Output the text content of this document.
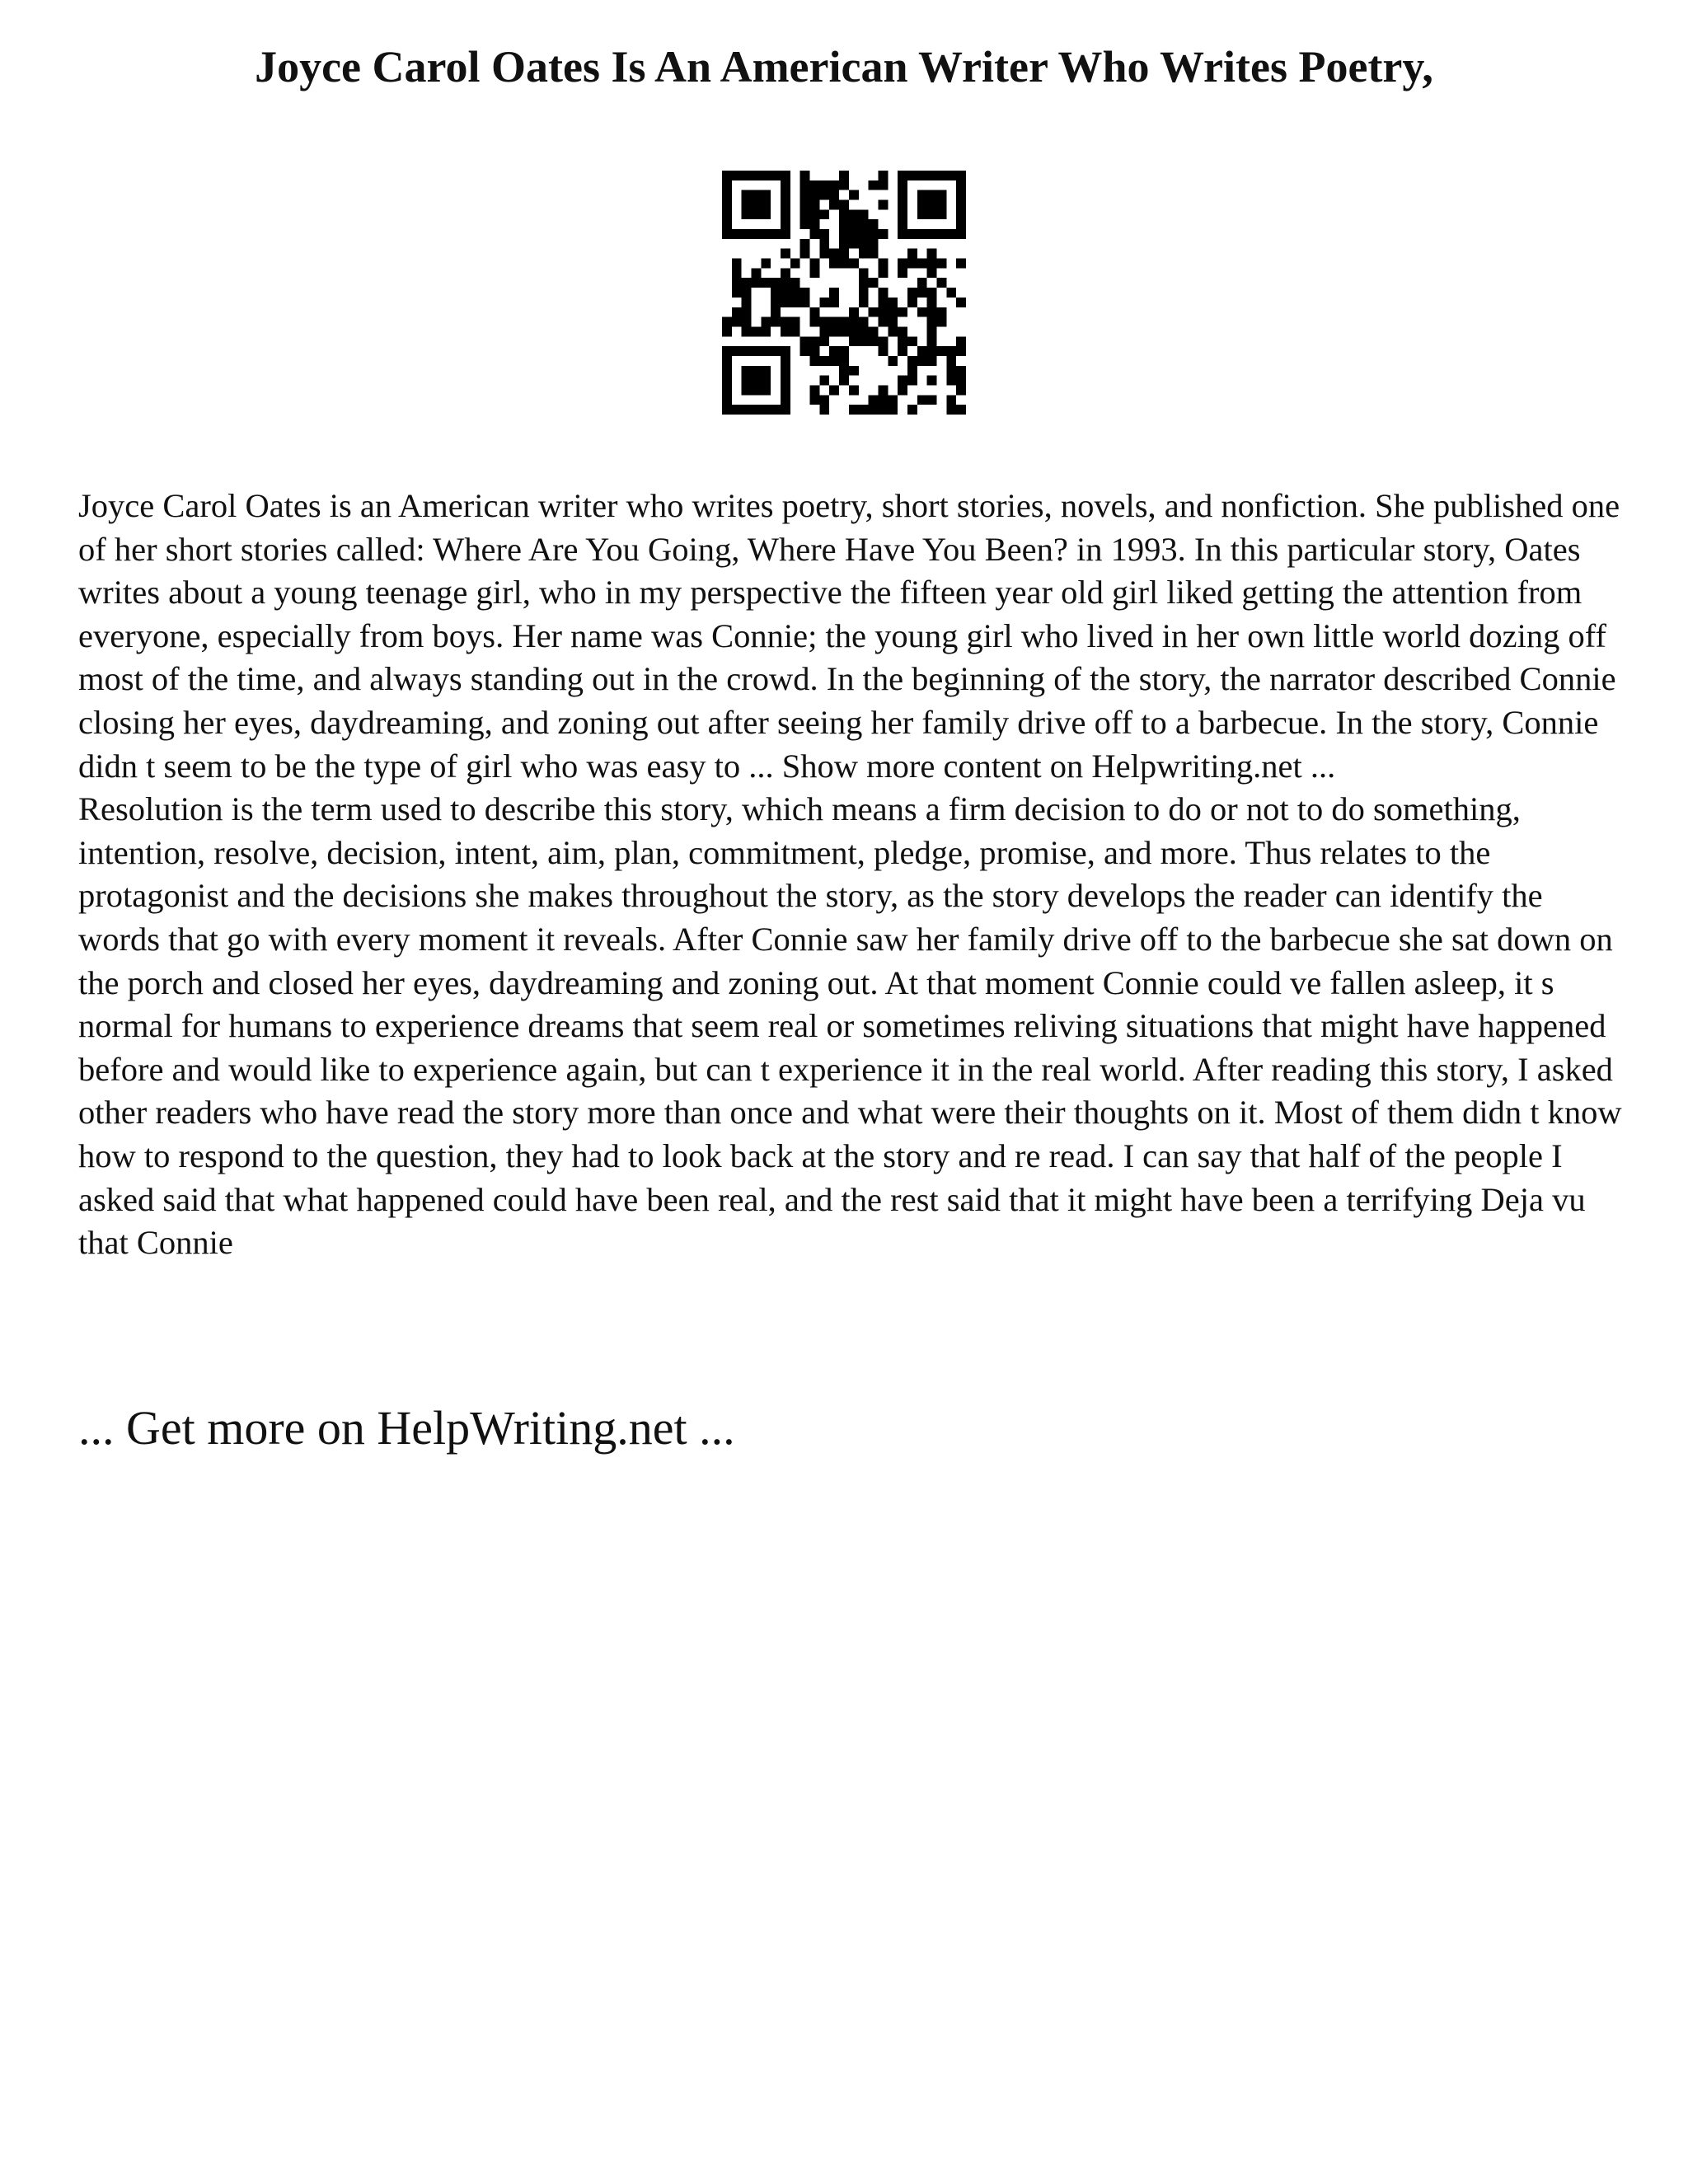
Joyce Carol Oates Is An American Writer Who Writes Poetry,

Joyce Carol Oates is an American writer who writes poetry, short stories, novels, and nonfiction. She published one of her short stories called: Where Are You Going, Where Have You Been? in 1993. In this particular story, Oates writes about a young teenage girl, who in my perspective the fifteen year old girl liked getting the attention from everyone, especially from boys. Her name was Connie; the young girl who lived in her own little world dozing off most of the time, and always standing out in the crowd. In the beginning of the story, the narrator described Connie closing her eyes, daydreaming, and zoning out after seeing her family drive off to a barbecue. In the story, Connie didn t seem to be the type of girl who was easy to ... Show more content on Helpwriting.net ...

Resolution is the term used to describe this story, which means a firm decision to do or not to do something, intention, resolve, decision, intent, aim, plan, commitment, pledge, promise, and more. Thus relates to the protagonist and the decisions she makes throughout the story, as the story develops the reader can identify the words that go with every moment it reveals. After Connie saw her family drive off to the barbecue she sat down on the porch and closed her eyes, daydreaming and zoning out. At that moment Connie could ve fallen asleep, it s normal for humans to experience dreams that seem real or sometimes reliving situations that might have happened before and would like to experience again, but can t experience it in the real world. After reading this story, I asked other readers who have read the story more than once and what were their thoughts on it. Most of them didn t know how to respond to the question, they had to look back at the story and re read. I can say that half of the people I asked said that what happened could have been real, and the rest said that it might have been a terrifying Deja vu that Connie

... Get more on HelpWriting.net ...
